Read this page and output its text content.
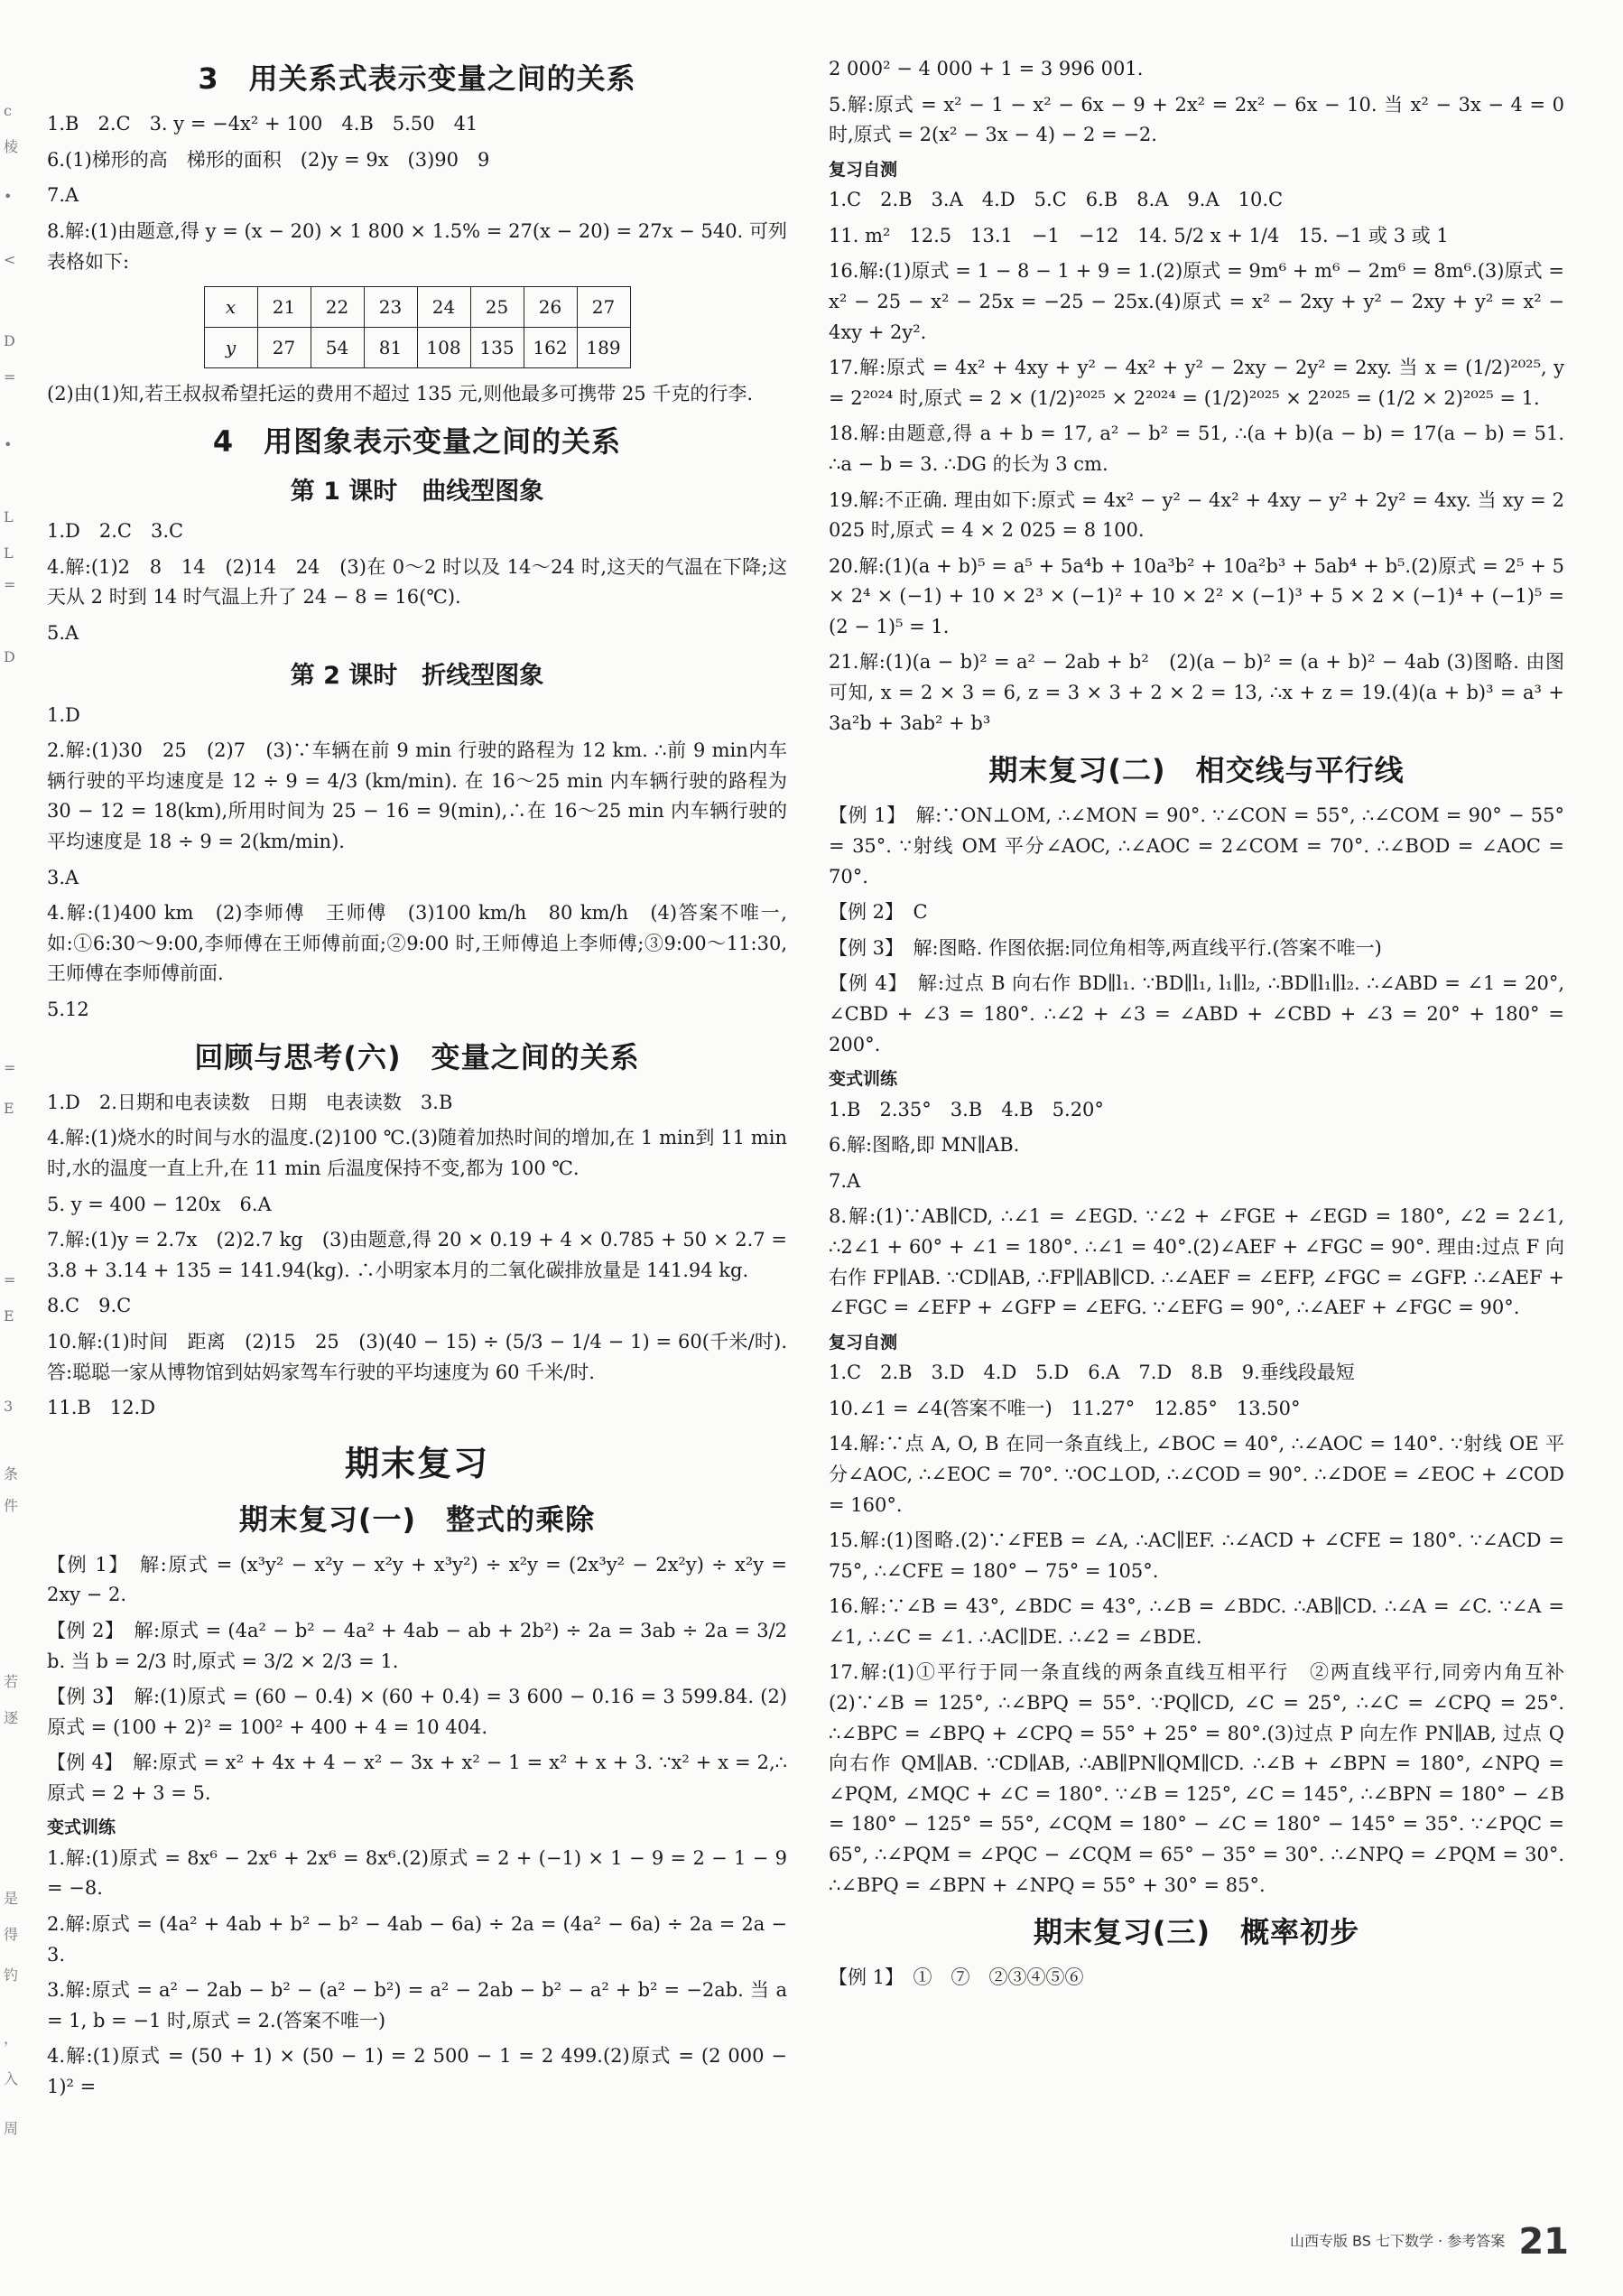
c
棱
•
<
D
=
•
L
L
=
D
=
E
=
E
3
条
件
若
逐
是
得
钓
，
入
周
3　用关系式表示变量之间的关系
1.B　2.C　3. y = −4x² + 100　4.B　5.50　41
6.(1)梯形的高　梯形的面积　(2)y = 9x　(3)90　9
7.A
8.解:(1)由题意,得 y = (x − 20) × 1 800 × 1.5% = 27(x − 20) = 27x − 540. 可列表格如下:
x	21	22	23	24	25	26	27
y	27	54	81	108	135	162	189
(2)由(1)知,若王叔叔希望托运的费用不超过 135 元,则他最多可携带 25 千克的行李.
4　用图象表示变量之间的关系
第 1 课时　曲线型图象
1.D　2.C　3.C
4.解:(1)2　8　14　(2)14　24　(3)在 0～2 时以及 14～24 时,这天的气温在下降;这天从 2 时到 14 时气温上升了 24 − 8 = 16(℃).
5.A
第 2 课时　折线型图象
1.D
2.解:(1)30　25　(2)7　(3)∵车辆在前 9 min 行驶的路程为 12 km. ∴前 9 min内车辆行驶的平均速度是 12 ÷ 9 = 4/3 (km/min). 在 16～25 min 内车辆行驶的路程为 30 − 12 = 18(km),所用时间为 25 − 16 = 9(min),∴在 16～25 min 内车辆行驶的平均速度是 18 ÷ 9 = 2(km/min).
3.A
4.解:(1)400 km　(2)李师傅　王师傅　(3)100 km/h　80 km/h　(4)答案不唯一,如:①6:30～9:00,李师傅在王师傅前面;②9:00 时,王师傅追上李师傅;③9:00～11:30,王师傅在李师傅前面.
5.12
回顾与思考(六)　变量之间的关系
1.D　2.日期和电表读数　日期　电表读数　3.B
4.解:(1)烧水的时间与水的温度.(2)100 ℃.(3)随着加热时间的增加,在 1 min到 11 min 时,水的温度一直上升,在 11 min 后温度保持不变,都为 100 ℃.
5. y = 400 − 120x　6.A
7.解:(1)y = 2.7x　(2)2.7 kg　(3)由题意,得 20 × 0.19 + 4 × 0.785 + 50 × 2.7 = 3.8 + 3.14 + 135 = 141.94(kg). ∴小明家本月的二氧化碳排放量是 141.94 kg.
8.C　9.C
10.解:(1)时间　距离　(2)15　25　(3)(40 − 15) ÷ (5/3 − 1/4 − 1) = 60(千米/时). 答:聪聪一家从博物馆到姑妈家驾车行驶的平均速度为 60 千米/时.
11.B　12.D
期末复习
期末复习(一)　整式的乘除
【例 1】　解:原式 = (x³y² − x²y − x²y + x³y²) ÷ x²y = (2x³y² − 2x²y) ÷ x²y = 2xy − 2.
【例 2】　解:原式 = (4a² − b² − 4a² + 4ab − ab + 2b²) ÷ 2a = 3ab ÷ 2a = 3/2 b. 当 b = 2/3 时,原式 = 3/2 × 2/3 = 1.
【例 3】　解:(1)原式 = (60 − 0.4) × (60 + 0.4) = 3 600 − 0.16 = 3 599.84. (2)原式 = (100 + 2)² = 100² + 400 + 4 = 10 404.
【例 4】　解:原式 = x² + 4x + 4 − x² − 3x + x² − 1 = x² + x + 3. ∵x² + x = 2,∴原式 = 2 + 3 = 5.
变式训练
1.解:(1)原式 = 8x⁶ − 2x⁶ + 2x⁶ = 8x⁶.(2)原式 = 2 + (−1) × 1 − 9 = 2 − 1 − 9 = −8.
2.解:原式 = (4a² + 4ab + b² − b² − 4ab − 6a) ÷ 2a = (4a² − 6a) ÷ 2a = 2a − 3.
3.解:原式 = a² − 2ab − b² − (a² − b²) = a² − 2ab − b² − a² + b² = −2ab. 当 a = 1, b = −1 时,原式 = 2.(答案不唯一)
4.解:(1)原式 = (50 + 1) × (50 − 1) = 2 500 − 1 = 2 499.(2)原式 = (2 000 − 1)² =
2 000² − 4 000 + 1 = 3 996 001.
5.解:原式 = x² − 1 − x² − 6x − 9 + 2x² = 2x² − 6x − 10. 当 x² − 3x − 4 = 0 时,原式 = 2(x² − 3x − 4) − 2 = −2.
复习自测
1.C　2.B　3.A　4.D　5.C　6.B　8.A　9.A　10.C
11. m²　12.5　13.1　−1　−12　14. 5/2 x + 1/4　15. −1 或 3 或 1
16.解:(1)原式 = 1 − 8 − 1 + 9 = 1.(2)原式 = 9m⁶ + m⁶ − 2m⁶ = 8m⁶.(3)原式 = x² − 25 − x² − 25x = −25 − 25x.(4)原式 = x² − 2xy + y² − 2xy + y² = x² − 4xy + 2y².
17.解:原式 = 4x² + 4xy + y² − 4x² + y² − 2xy − 2y² = 2xy. 当 x = (1/2)²⁰²⁵, y = 2²⁰²⁴ 时,原式 = 2 × (1/2)²⁰²⁵ × 2²⁰²⁴ = (1/2)²⁰²⁵ × 2²⁰²⁵ = (1/2 × 2)²⁰²⁵ = 1.
18.解:由题意,得 a + b = 17, a² − b² = 51, ∴(a + b)(a − b) = 17(a − b) = 51. ∴a − b = 3. ∴DG 的长为 3 cm.
19.解:不正确. 理由如下:原式 = 4x² − y² − 4x² + 4xy − y² + 2y² = 4xy. 当 xy = 2 025 时,原式 = 4 × 2 025 = 8 100.
20.解:(1)(a + b)⁵ = a⁵ + 5a⁴b + 10a³b² + 10a²b³ + 5ab⁴ + b⁵.(2)原式 = 2⁵ + 5 × 2⁴ × (−1) + 10 × 2³ × (−1)² + 10 × 2² × (−1)³ + 5 × 2 × (−1)⁴ + (−1)⁵ = (2 − 1)⁵ = 1.
21.解:(1)(a − b)² = a² − 2ab + b²　(2)(a − b)² = (a + b)² − 4ab (3)图略. 由图可知, x = 2 × 3 = 6, z = 3 × 3 + 2 × 2 = 13, ∴x + z = 19.(4)(a + b)³ = a³ + 3a²b + 3ab² + b³
期末复习(二)　相交线与平行线
【例 1】　解:∵ON⊥OM, ∴∠MON = 90°. ∵∠CON = 55°, ∴∠COM = 90° − 55° = 35°. ∵射线 OM 平分∠AOC, ∴∠AOC = 2∠COM = 70°. ∴∠BOD = ∠AOC = 70°.
【例 2】　C
【例 3】　解:图略. 作图依据:同位角相等,两直线平行.(答案不唯一)
【例 4】　解:过点 B 向右作 BD∥l₁. ∵BD∥l₁, l₁∥l₂, ∴BD∥l₁∥l₂. ∴∠ABD = ∠1 = 20°, ∠CBD + ∠3 = 180°. ∴∠2 + ∠3 = ∠ABD + ∠CBD + ∠3 = 20° + 180° = 200°.
变式训练
1.B　2.35°　3.B　4.B　5.20°
6.解:图略,即 MN∥AB.
7.A
8.解:(1)∵AB∥CD, ∴∠1 = ∠EGD. ∵∠2 + ∠FGE + ∠EGD = 180°, ∠2 = 2∠1, ∴2∠1 + 60° + ∠1 = 180°. ∴∠1 = 40°.(2)∠AEF + ∠FGC = 90°. 理由:过点 F 向右作 FP∥AB. ∵CD∥AB, ∴FP∥AB∥CD. ∴∠AEF = ∠EFP, ∠FGC = ∠GFP. ∴∠AEF + ∠FGC = ∠EFP + ∠GFP = ∠EFG. ∵∠EFG = 90°, ∴∠AEF + ∠FGC = 90°.
复习自测
1.C　2.B　3.D　4.D　5.D　6.A　7.D　8.B　9.垂线段最短
10.∠1 = ∠4(答案不唯一)　11.27°　12.85°　13.50°
14.解:∵点 A, O, B 在同一条直线上, ∠BOC = 40°, ∴∠AOC = 140°. ∵射线 OE 平分∠AOC, ∴∠EOC = 70°. ∵OC⊥OD, ∴∠COD = 90°. ∴∠DOE = ∠EOC + ∠COD = 160°.
15.解:(1)图略.(2)∵∠FEB = ∠A, ∴AC∥EF. ∴∠ACD + ∠CFE = 180°. ∵∠ACD = 75°, ∴∠CFE = 180° − 75° = 105°.
16.解:∵∠B = 43°, ∠BDC = 43°, ∴∠B = ∠BDC. ∴AB∥CD. ∴∠A = ∠C. ∵∠A = ∠1, ∴∠C = ∠1. ∴AC∥DE. ∴∠2 = ∠BDE.
17.解:(1)①平行于同一条直线的两条直线互相平行　②两直线平行,同旁内角互补　(2)∵∠B = 125°, ∴∠BPQ = 55°. ∵PQ∥CD, ∠C = 25°, ∴∠C = ∠CPQ = 25°. ∴∠BPC = ∠BPQ + ∠CPQ = 55° + 25° = 80°.(3)过点 P 向左作 PN∥AB, 过点 Q 向右作 QM∥AB. ∵CD∥AB, ∴AB∥PN∥QM∥CD. ∴∠B + ∠BPN = 180°, ∠NPQ = ∠PQM, ∠MQC + ∠C = 180°. ∵∠B = 125°, ∠C = 145°, ∴∠BPN = 180° − ∠B = 180° − 125° = 55°, ∠CQM = 180° − ∠C = 180° − 145° = 35°. ∵∠PQC = 65°, ∴∠PQM = ∠PQC − ∠CQM = 65° − 35° = 30°. ∴∠NPQ = ∠PQM = 30°. ∴∠BPQ = ∠BPN + ∠NPQ = 55° + 30° = 85°.
期末复习(三)　概率初步
【例 1】　①　⑦　②③④⑤⑥
山西专版 BS 七下数学 · 参考答案 21
